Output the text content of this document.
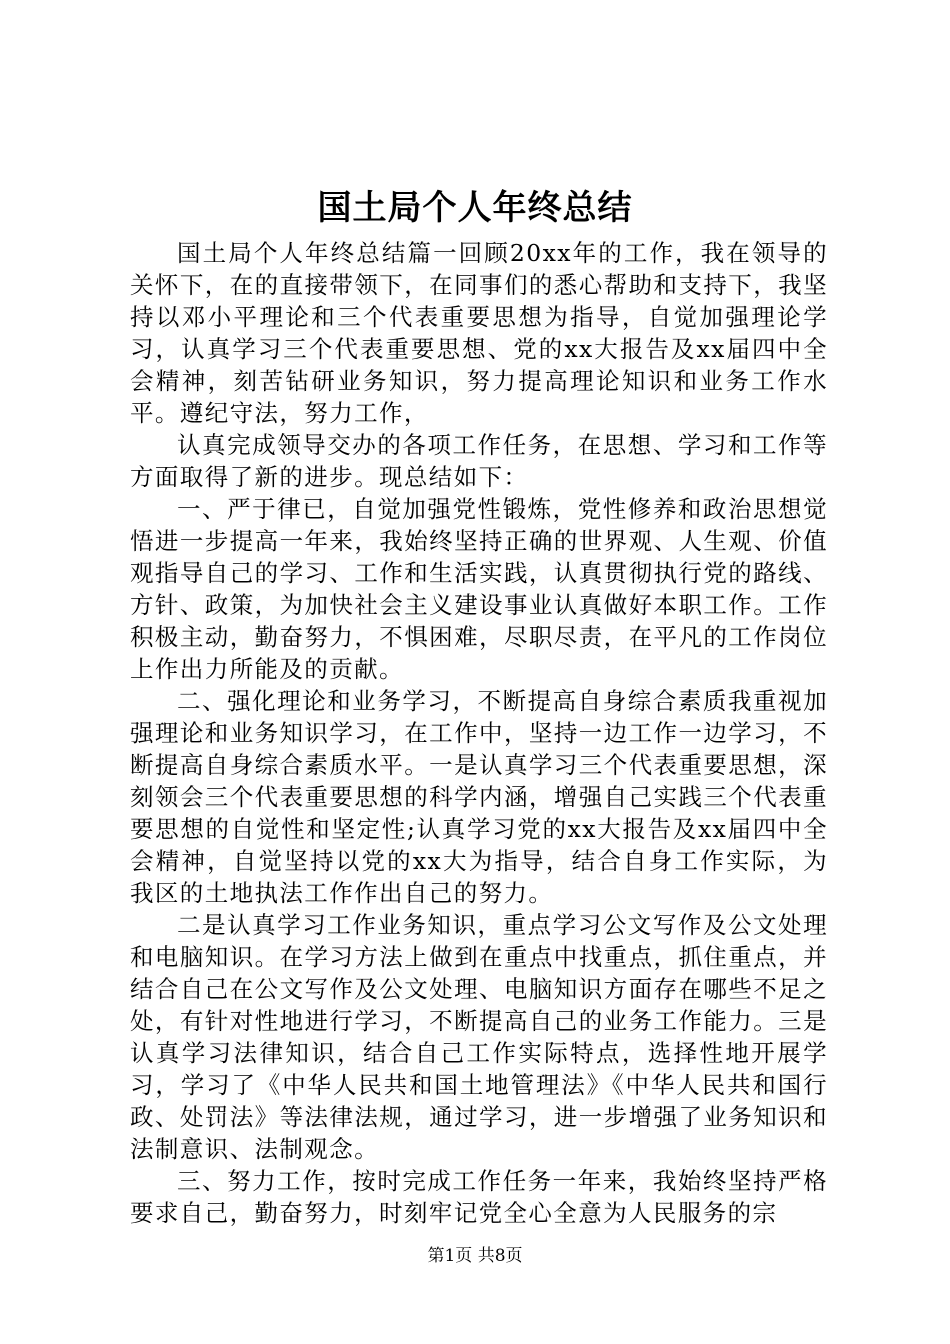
国土局个人年终总结

国土局个人年终总结篇一回顾20xx年的工作，我在领导的关怀下，在的直接带领下，在同事们的悉心帮助和支持下，我坚持以邓小平理论和三个代表重要思想为指导，自觉加强理论学习，认真学习三个代表重要思想、党的xx大报告及xx届四中全会精神，刻苦钻研业务知识，努力提高理论知识和业务工作水平。遵纪守法，努力工作，

认真完成领导交办的各项工作任务，在思想、学习和工作等方面取得了新的进步。现总结如下：

一、严于律已，自觉加强党性锻炼，党性修养和政治思想觉悟进一步提高一年来，我始终坚持正确的世界观、人生观、价值观指导自己的学习、工作和生活实践，认真贯彻执行党的路线、方针、政策，为加快社会主义建设事业认真做好本职工作。工作积极主动，勤奋努力，不惧困难，尽职尽责，在平凡的工作岗位上作出力所能及的贡献。

二、强化理论和业务学习，不断提高自身综合素质我重视加强理论和业务知识学习，在工作中，坚持一边工作一边学习，不断提高自身综合素质水平。一是认真学习三个代表重要思想，深刻领会三个代表重要思想的科学内涵，增强自己实践三个代表重要思想的自觉性和坚定性;认真学习党的xx大报告及xx届四中全会精神，自觉坚持以党的xx大为指导，结合自身工作实际，为我区的土地执法工作作出自己的努力。

二是认真学习工作业务知识，重点学习公文写作及公文处理和电脑知识。在学习方法上做到在重点中找重点，抓住重点，并结合自己在公文写作及公文处理、电脑知识方面存在哪些不足之处，有针对性地进行学习，不断提高自己的业务工作能力。三是认真学习法律知识，结合自己工作实际特点，选择性地开展学习，学习了《中华人民共和国土地管理法》《中华人民共和国行政、处罚法》等法律法规，通过学习，进一步增强了业务知识和法制意识、法制观念。

三、努力工作，按时完成工作任务一年来，我始终坚持严格要求自己，勤奋努力，时刻牢记党全心全意为人民服务的宗

第1页 共8页
